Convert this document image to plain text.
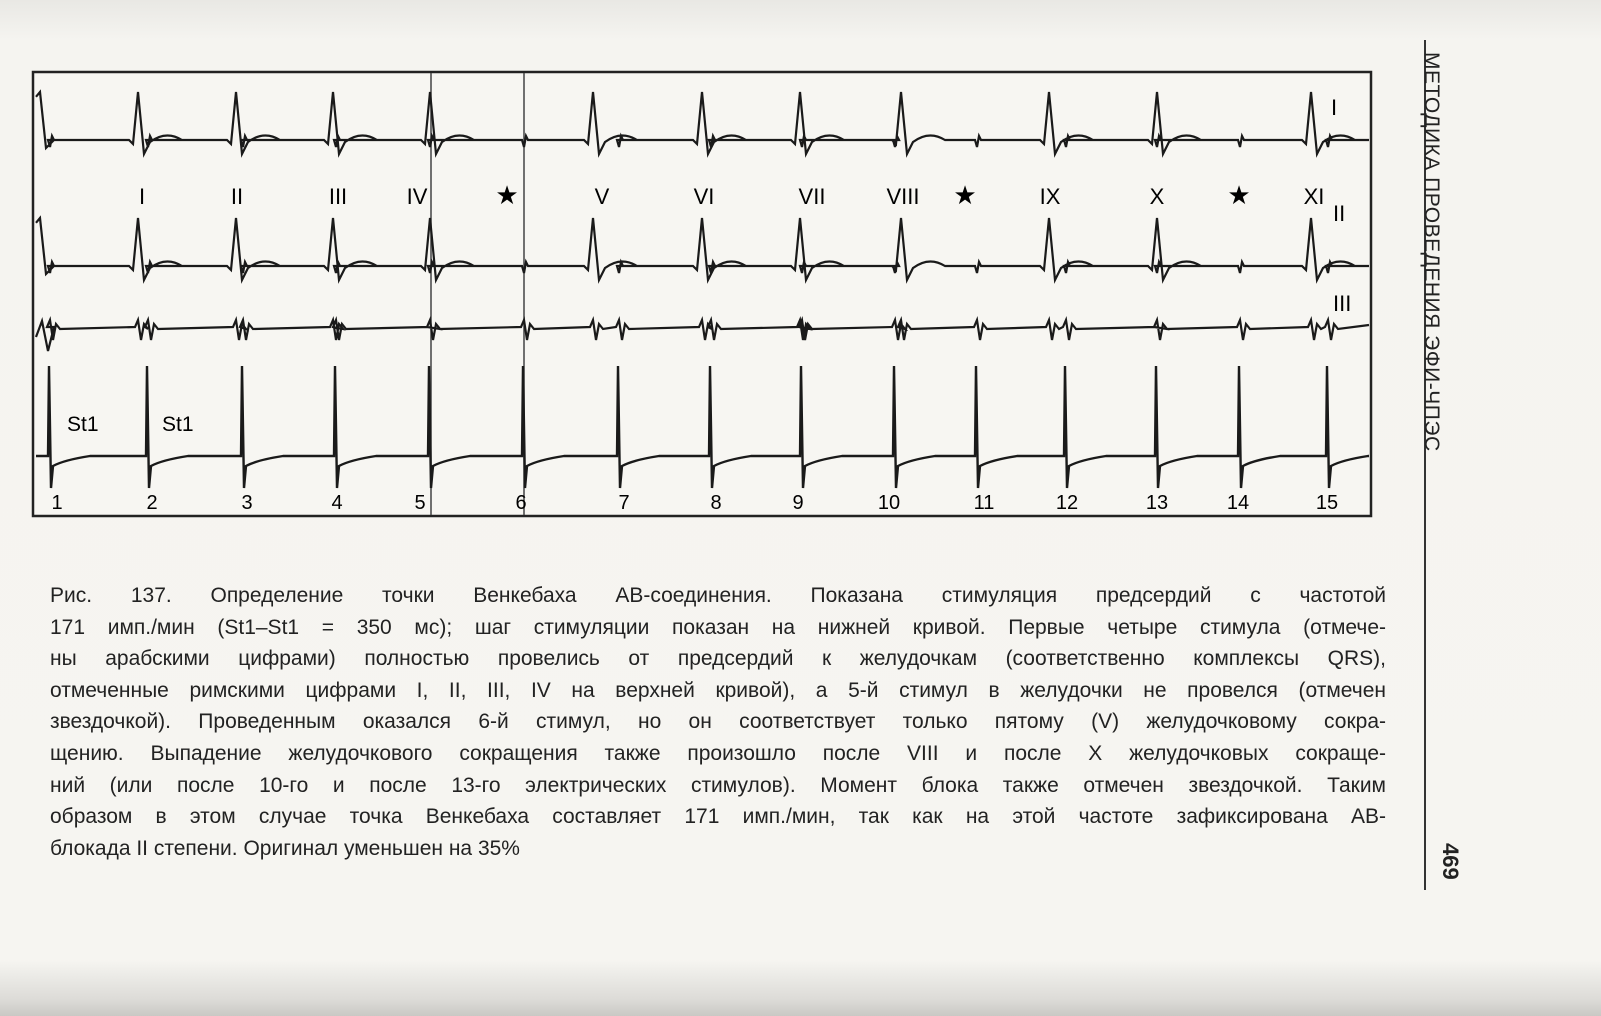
I
II
III
St1	St1
I	II	III	IV	★	V	VI	VII	VIII ★	IX	X ★ XI
1	2	3	4	5	6	7	8	9	10	11	12	13	14	15
Рис. 137. Определение точки Венкебаха АВ-соединения. Показана стимуляция предсердий с частотой
171 имп./мин (St1–St1 = 350 мс); шаг стимуляции показан на нижней кривой. Первые четыре стимула (отмече-
ны арабскими цифрами) полностью провелись от предсердий к желудочкам (соответственно комплексы QRS),
отмеченные римскими цифрами I, II, III, IV на верхней кривой), а 5-й стимул в желудочки не провелся (отмечен
звездочкой). Проведенным оказался 6-й стимул, но он соответствует только пятому (V) желудочковому сокра-
щению. Выпадение желудочкового сокращения также произошло после VIII и после X желудочковых сокраще-
ний (или после 10-го и после 13-го электрических стимулов). Момент блока также отмечен звездочкой. Таким
образом в этом случае точка Венкебаха составляет 171 имп./мин, так как на этой частоте зафиксирована АВ-
блокада II степени. Оригинал уменьшен на 35%
МЕТОДИКА ПРОВЕДЕНИЯ ЭФИ-ЧПЭС
469
